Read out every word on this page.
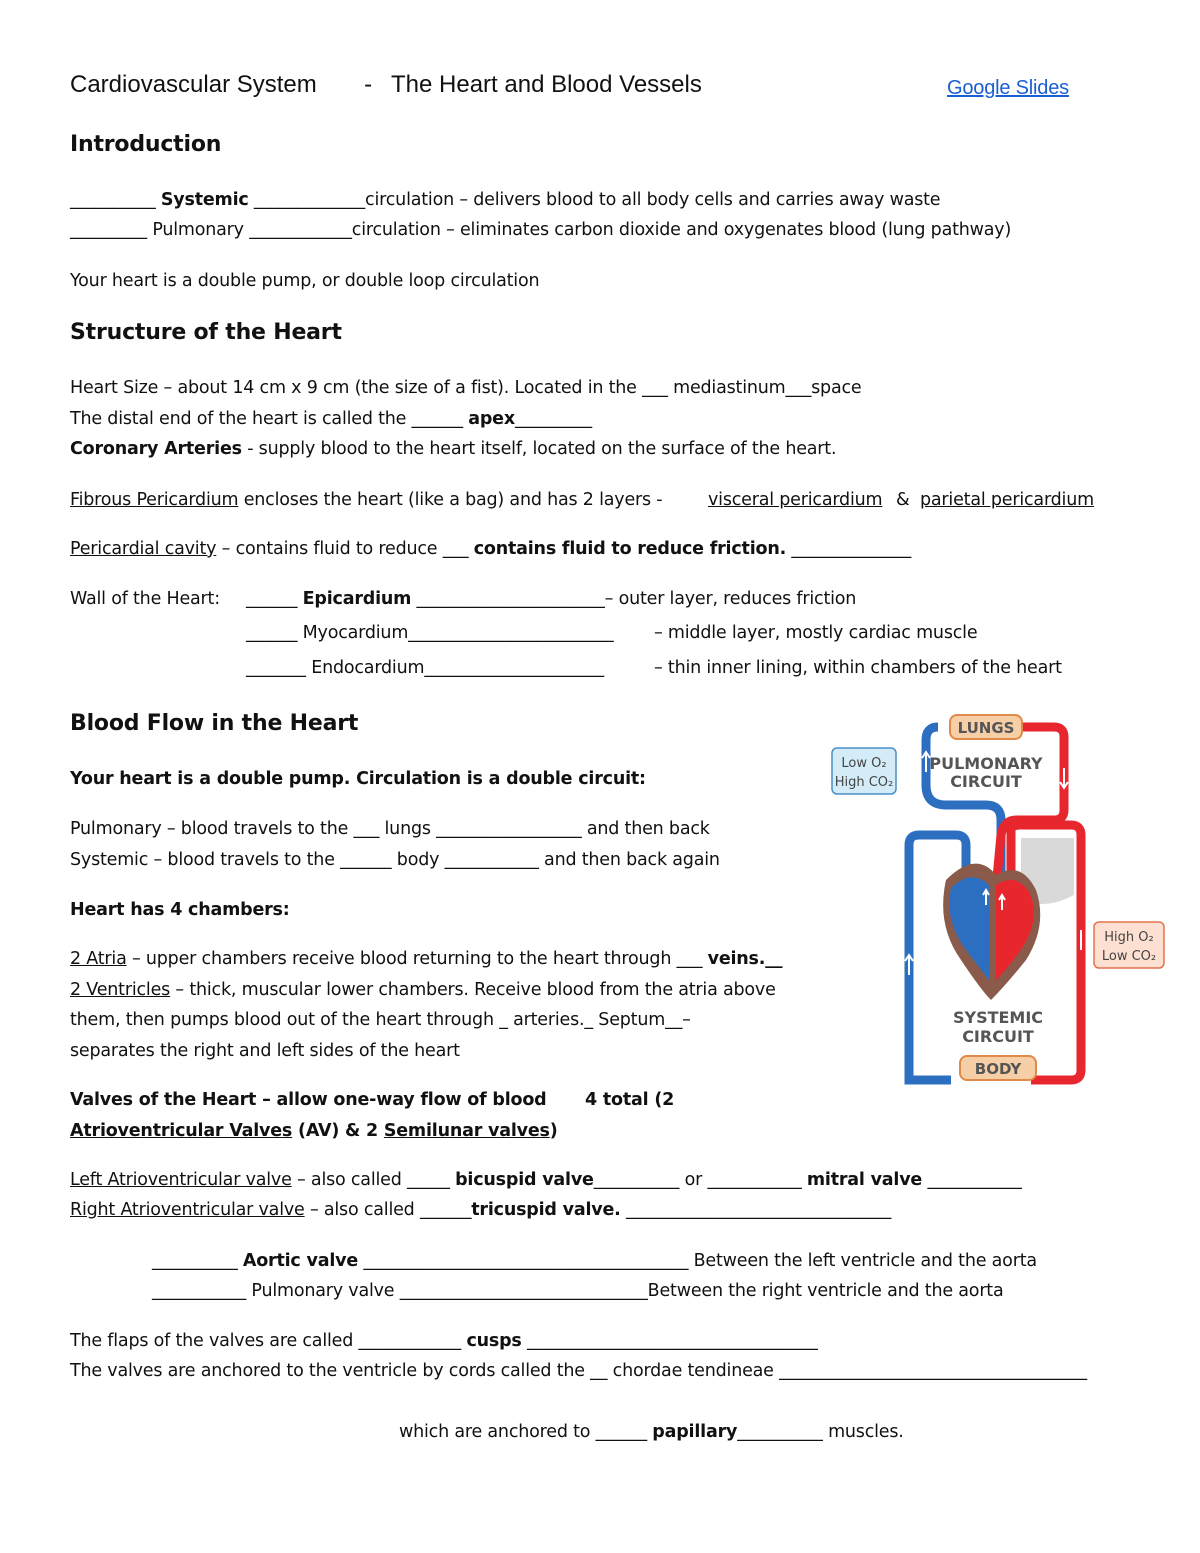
Cardiovascular System - The Heart and Blood Vessels	Google Slides
Introduction
__________ Systemic _____________circulation – delivers blood to all body cells and carries away waste
_________ Pulmonary ____________circulation – eliminates carbon dioxide and oxygenates blood (lung pathway)
Your heart is a double pump, or double loop circulation
Structure of the Heart
Heart Size – about 14 cm x 9 cm (the size of a fist). Located in the ___ mediastinum___space
The distal end of the heart is called the ______ apex_________
Coronary Arteries - supply blood to the heart itself, located on the surface of the heart.
Fibrous Pericardium encloses the heart (like a bag) and has 2 layers -	visceral pericardium & parietal pericardium
Pericardial cavity – contains fluid to reduce ___ contains fluid to reduce friction. ______________
Wall of the Heart: ______ Epicardium ______________________– outer layer, reduces friction
______ Myocardium________________________ – middle layer, mostly cardiac muscle
_______ Endocardium_____________________	– thin inner lining, within chambers of the heart
Blood Flow in the Heart
Your heart is a double pump. Circulation is a double circuit:
Pulmonary – blood travels to the ___ lungs _________________ and then back
Systemic – blood travels to the ______ body ___________ and then back again
Heart has 4 chambers:
2 Atria – upper chambers receive blood returning to the heart through ___ veins.__
2 Ventricles – thick, muscular lower chambers. Receive blood from the atria above
them, then pumps blood out of the heart through _ arteries._ Septum__–
separates the right and left sides of the heart
Valves of the Heart – allow one-way flow of blood 4 total (2
Atrioventricular Valves (AV) & 2 Semilunar valves)
Left Atrioventricular valve – also called _____ bicuspid valve__________ or ___________ mitral valve ___________
Right Atrioventricular valve – also called ______tricuspid valve. _______________________________
__________ Aortic valve ______________________________________ Between the left ventricle and the aorta
___________ Pulmonary valve _____________________________Between the right ventricle and the aorta
The flaps of the valves are called ____________ cusps __________________________________
The valves are anchored to the ventricle by cords called the __ chordae tendineae ____________________________________
which are anchored to ______ papillary__________ muscles.
LUNGS
PULMONARY
CIRCUIT
SYSTEMIC
CIRCUIT
BODY
Low O₂
High CO₂
High O₂
Low CO₂
